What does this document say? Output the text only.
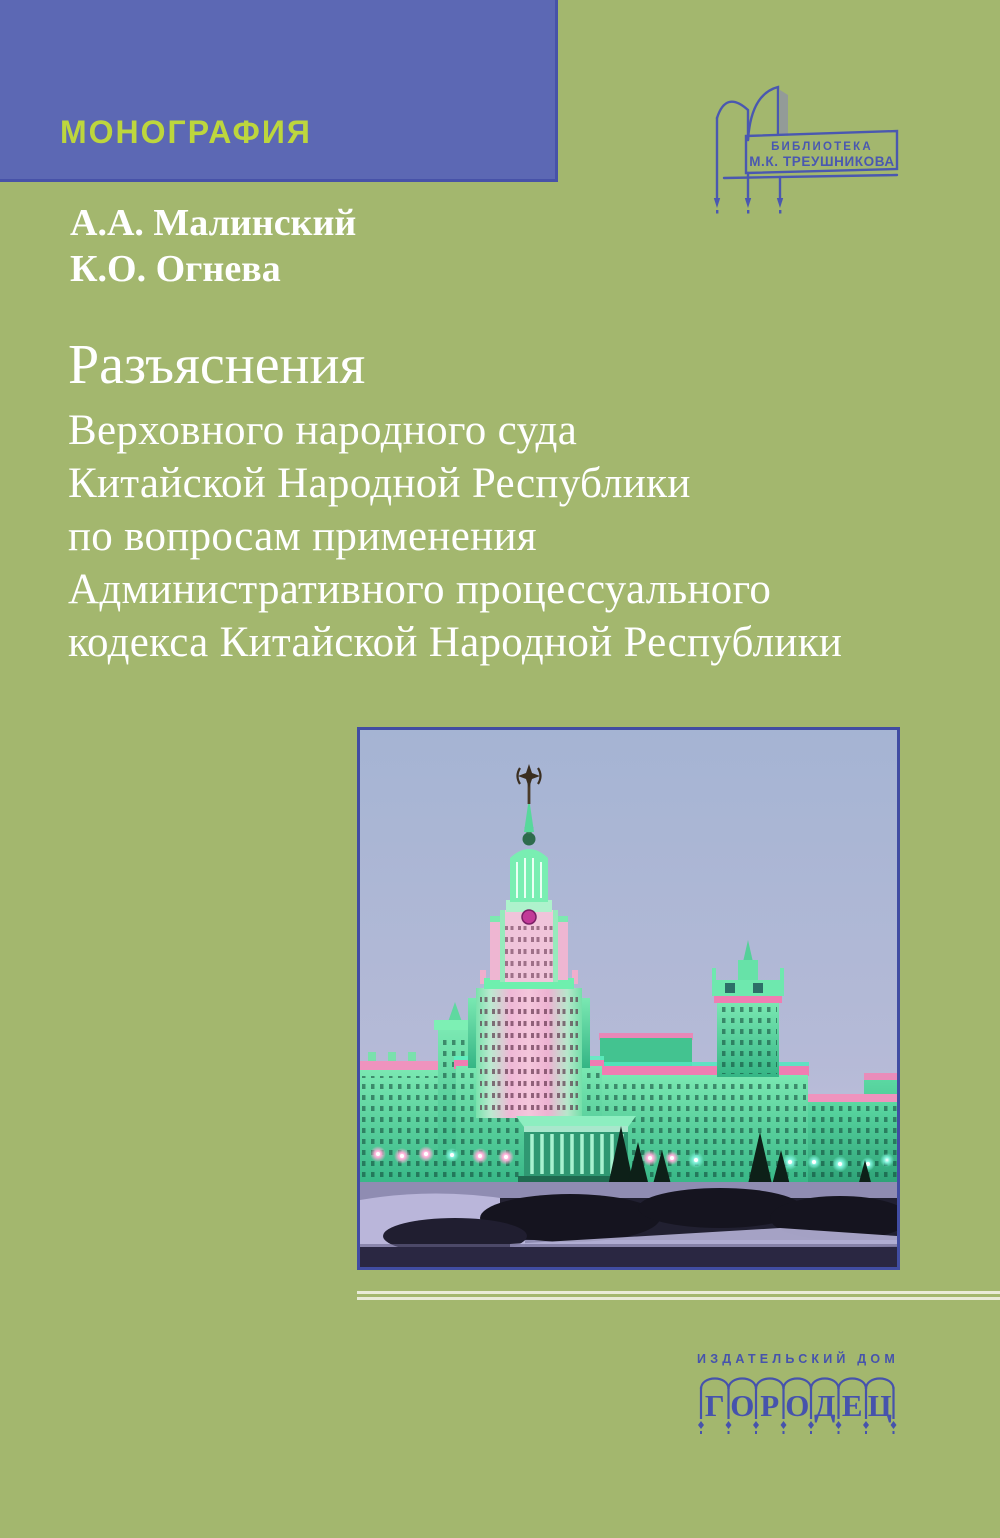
МОНОГРАФИЯ	БИБЛИОТЕКА
М.К. ТРЕУШНИКОВА
А.А. Малинский
К.О. Огнева
Разъяснения
Верховного народного суда
Китайской Народной Республики
по вопросам применения
Административного процессуального
кодекса Китайской Народной Республики
ИЗДАТЕЛЬСКИЙ ДОМ
Г О Р О Д Е Ц
